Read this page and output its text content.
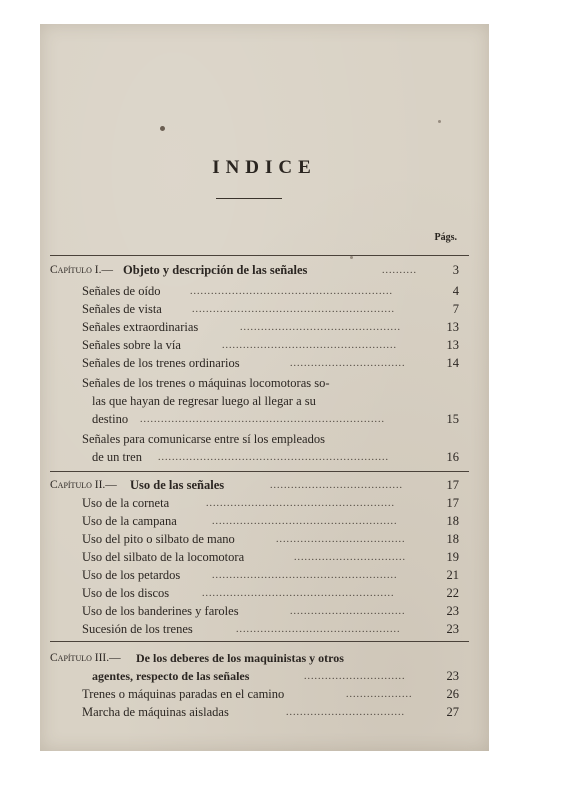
INDICE
Págs.
Capítulo I.— Objeto y descripción de las señales	..........	3
Señales de oído	..........................................................	4
Señales de vista	..........................................................	7
Señales extraordinarias	..............................................	13
Señales sobre la vía	..................................................	13
Señales de los trenes ordinarios	.................................	14
Señales de los trenes o máquinas locomotoras so-
las que hayan de regresar luego al llegar a su
destino ......................................................................	15
Señales para comunicarse entre sí los empleados
de un tren ..................................................................	16
Capítulo II.— Uso de las señales	......................................	17
Uso de la corneta	......................................................	17
Uso de la campana	.....................................................	18
Uso del pito o silbato de mano	.....................................	18
Uso del silbato de la locomotora	................................	19
Uso de los petardos	.....................................................	21
Uso de los discos	.......................................................	22
Uso de los banderines y faroles	.................................	23
Sucesión de los trenes	...............................................	23
Capítulo III.— De los deberes de los maquinistas y otros
agentes, respecto de las señales	.............................	23
Trenes o máquinas paradas en el camino	...................	26
Marcha de máquinas aisladas	..................................	27
